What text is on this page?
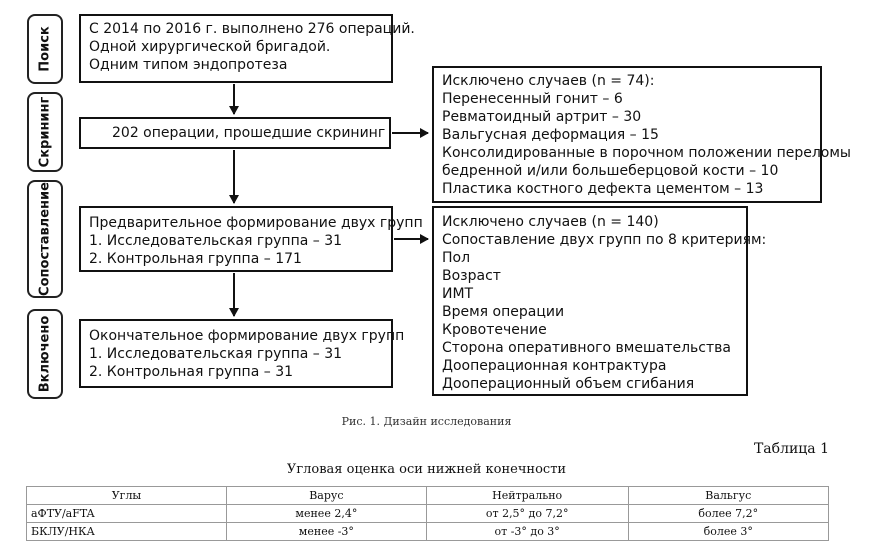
Поиск
Скрининг
Сопоставление
Включено
С 2014 по 2016 г. выполнено 276 операций.
Одной хирургической бригадой.
Одним типом эндопротеза
202 операции, прошедшие скрининг
Исключено случаев (n = 74):
Перенесенный гонит – 6
Ревматоидный артрит – 30
Вальгусная деформация – 15
Консолидированные в порочном положении переломы
бедренной и/или большеберцовой кости – 10
Пластика костного дефекта цементом – 13
Предварительное формирование двух групп
1. Исследовательская группа – 31
2. Контрольная группа – 171
Исключено случаев (n = 140)
Сопоставление двух групп по 8 критериям:
Пол
Возраст
ИМТ
Время операции
Кровотечение
Сторона оперативного вмешательства
Дооперационная контрактура
Дооперационный объем сгибания
Окончательное формирование двух групп
1. Исследовательская группа – 31
2. Контрольная группа – 31
Рис. 1. Дизайн исследования
Таблица 1
Угловая оценка оси нижней конечности
Углы	Варус	Нейтрально	Вальгус
аФТУ/аFTA	менее 2,4°	от 2,5° до 7,2°	более 7,2°
БКЛУ/НКА	менее -3°	от -3° до 3°	более 3°
